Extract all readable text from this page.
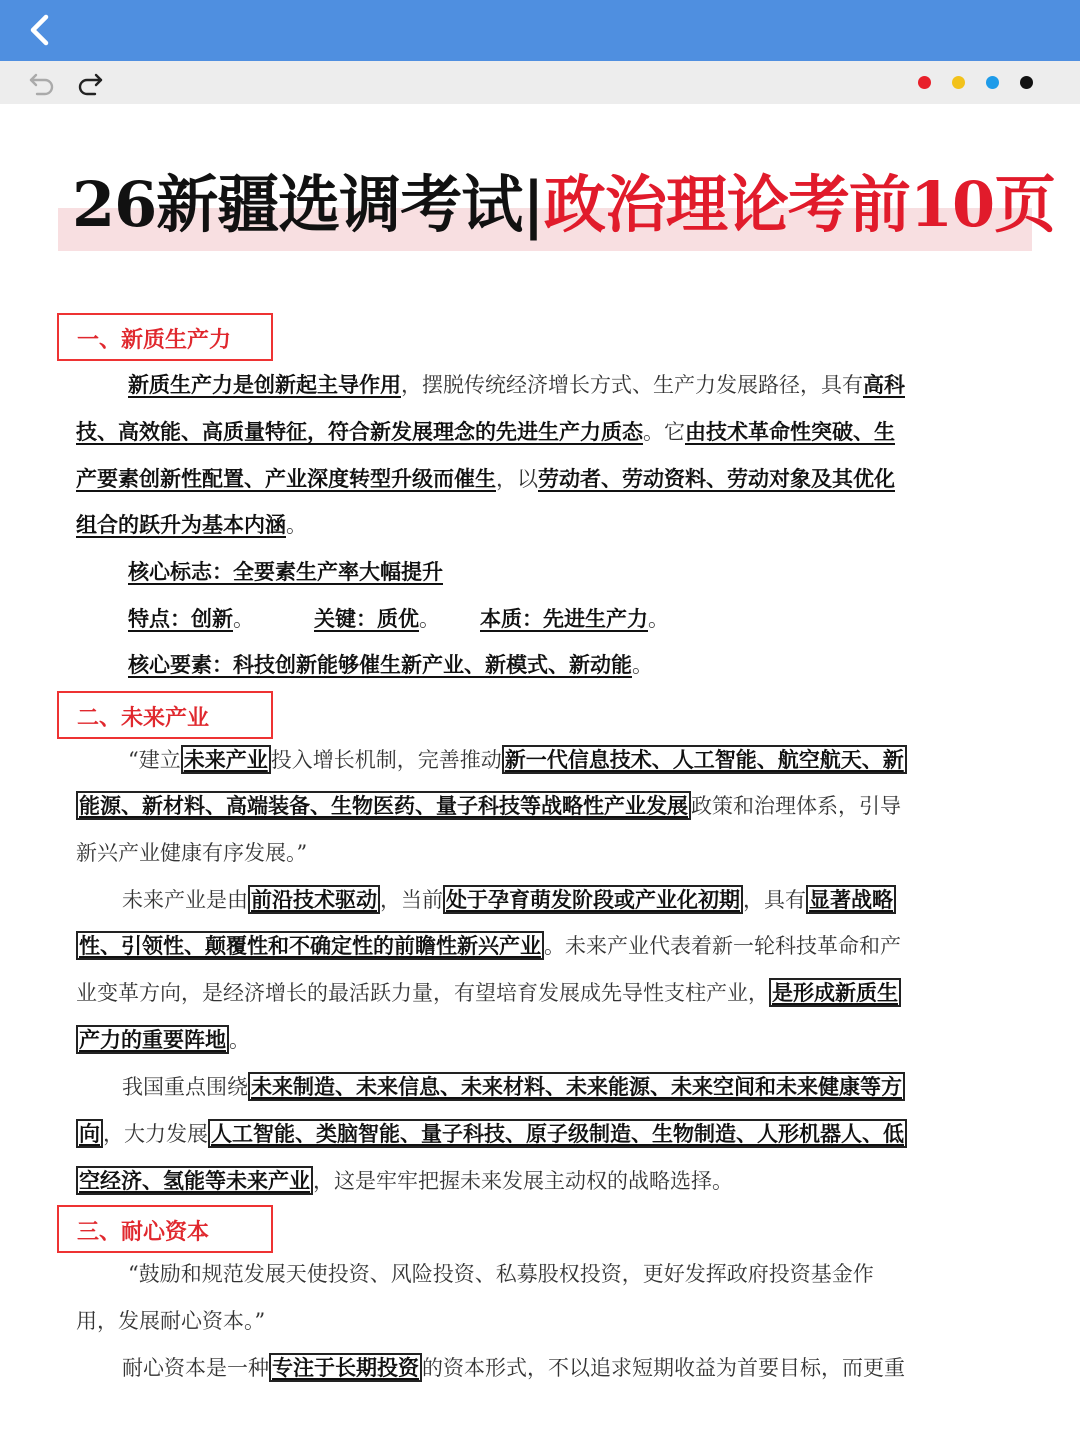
26新疆选调考试|政治理论考前10页
一、新质生产力
新质生产力是创新起主导作用，摆脱传统经济增长方式、生产力发展路径，具有高科
技、高效能、高质量特征，符合新发展理念的先进生产力质态。它由技术革命性突破、生
产要素创新性配置、产业深度转型升级而催生，以劳动者、劳动资料、劳动对象及其优化
组合的跃升为基本内涵。
核心标志：全要素生产率大幅提升
特点：创新。	关键：质优。 本质：先进生产力。
核心要素：科技创新能够催生新产业、新模式、新动能。
二、未来产业
“建立 未来产业 投入增长机制，完善推动 新一代信息技术、人工智能、航空航天、新
能源、新材料、高端装备、生物医药、量子科技等战略性产业发展 政策和治理体系，引导
新兴产业健康有序发展。”
未来产业是由 前沿技术驱动 ，当前 处于孕育萌发阶段或产业化初期 ，具有 显著战略
性、引领性、颠覆性和不确定性的前瞻性新兴产业 。未来产业代表着新一轮科技革命和产
业变革方向，是经济增长的最活跃力量，有望培育发展成先导性支柱产业， 是形成新质生
产力的重要阵地 。
我国重点围绕 未来制造、未来信息、未来材料、未来能源、未来空间和未来健康等方
向 ，大力发展 人工智能、类脑智能、量子科技、原子级制造、生物制造、人形机器人、低
空经济、氢能等未来产业 ，这是牢牢把握未来发展主动权的战略选择。
三、耐心资本
“鼓励和规范发展天使投资、风险投资、私募股权投资，更好发挥政府投资基金作
用，发展耐心资本。”
耐心资本是一种 专注于长期投资 的资本形式，不以追求短期收益为首要目标，而更重
